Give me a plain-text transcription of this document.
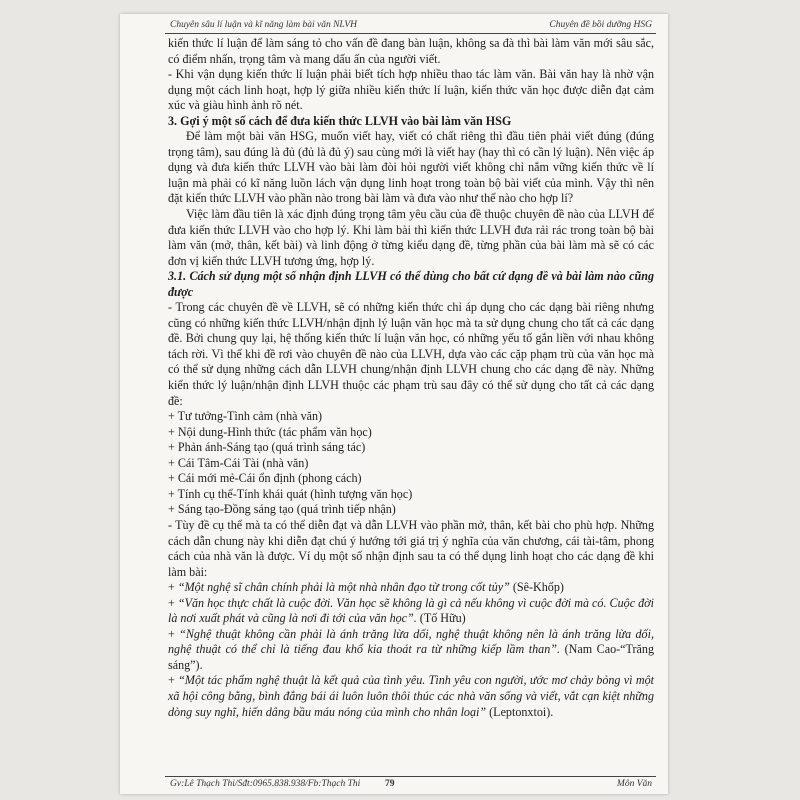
Chuyên sâu lí luận và kĩ năng làm bài văn NLVH	Chuyên đề bồi dưỡng HSG

kiến thức lí luận để làm sáng tỏ cho vấn đề đang bàn luận, không sa đà thì bài làm văn mới sâu sắc, có điểm nhấn, trọng tâm và mang dấu ấn của người viết.

- Khi vận dụng kiến thức lí luận phải biết tích hợp nhiều thao tác làm văn. Bài văn hay là nhờ vận dụng một cách linh hoạt, hợp lý giữa nhiều kiến thức lí luận, kiến thức văn học được diễn đạt cảm xúc và giàu hình ảnh rõ nét.

3. Gợi ý một số cách để đưa kiến thức LLVH vào bài làm văn HSG

Để làm một bài văn HSG, muốn viết hay, viết có chất riêng thì đầu tiên phải viết đúng (đúng trọng tâm), sau đúng là đủ (đủ là đủ ý) sau cùng mới là viết hay (hay thì có cần lý luận). Nên việc áp dụng và đưa kiến thức LLVH vào bài làm đòi hỏi người viết không chỉ nắm vững kiến thức về lí luận mà phải có kĩ năng luồn lách vận dụng linh hoạt trong toàn bộ bài viết của mình. Vậy thì nên đặt kiến thức LLVH vào phần nào trong bài làm và đưa vào như thế nào cho hợp lí?

Việc làm đầu tiên là xác định đúng trọng tâm yêu cầu của đề thuộc chuyên đề nào của LLVH để đưa kiến thức LLVH vào cho hợp lý. Khi làm bài thì kiến thức LLVH đưa rải rác trong toàn bộ bài làm văn (mở, thân, kết bài) và linh động ở từng kiểu dạng đề, từng phần của bài làm mà sẽ có các đơn vị kiến thức LLVH tương ứng, hợp lý.

3.1. Cách sử dụng một số nhận định LLVH có thể dùng cho bất cứ dạng đề và bài làm nào cũng được

- Trong các chuyên đề về LLVH, sẽ có những kiến thức chỉ áp dụng cho các dạng bài riêng nhưng cũng có những kiến thức LLVH/nhận định lý luận văn học mà ta sử dụng chung cho tất cả các dạng đề. Bởi chung quy lại, hệ thống kiến thức lí luận văn học, có những yếu tố gắn liền với nhau không tách rời. Vì thế khi đề rơi vào chuyên đề nào của LLVH, dựa vào các cặp phạm trù của văn học mà có thể sử dụng những cách dẫn LLVH chung/nhận định LLVH chung cho các dạng đề này. Những kiến thức lý luận/nhận định LLVH thuộc các phạm trù sau đây có thể sử dụng cho tất cả các dạng đề:

+ Tư tưởng-Tình cảm (nhà văn)

+ Nội dung-Hình thức (tác phẩm văn học)

+ Phản ánh-Sáng tạo (quá trình sáng tác)

+ Cái Tâm-Cái Tài (nhà văn)

+ Cái mới mẻ-Cái ổn định (phong cách)

+ Tính cụ thể-Tính khái quát (hình tượng văn học)

+ Sáng tạo-Đồng sáng tạo (quá trình tiếp nhận)

- Tùy đề cụ thể mà ta có thể diễn đạt và dẫn LLVH vào phần mở, thân, kết bài cho phù hợp. Những cách dẫn chung này khi diễn đạt chú ý hướng tới giá trị ý nghĩa của văn chương, cái tài-tâm, phong cách của nhà văn là được. Ví dụ một số nhận định sau ta có thể dụng linh hoạt cho các dạng đề khi làm bài:

+ “Một nghệ sĩ chân chính phải là một nhà nhân đạo từ trong cốt tủy” (Sê-Khốp)

+ “Văn học thực chất là cuộc đời. Văn học sẽ không là gì cả nếu không vì cuộc đời mà có. Cuộc đời là nơi xuất phát và cũng là nơi đi tới của văn học”. (Tố Hữu)

+ “Nghệ thuật không cần phải là ánh trăng lừa dối, nghệ thuật không nên là ánh trăng lừa dối, nghệ thuật có thể chỉ là tiếng đau khổ kia thoát ra từ những kiếp lầm than”. (Nam Cao-“Trăng sáng”).

+ “Một tác phẩm nghệ thuật là kết quả của tình yêu. Tình yêu con người, ước mơ chảy bỏng vì một xã hội công bằng, bình đẳng bái ái luôn luôn thôi thúc các nhà văn sống và viết, vắt cạn kiệt những dòng suy nghĩ, hiến dâng bầu máu nóng của mình cho nhân loại” (Leptonxtoi).

Gv:Lê Thạch Thi/Sđt:0965.838.938/Fb:Thạch Thi	79	Môn Văn
